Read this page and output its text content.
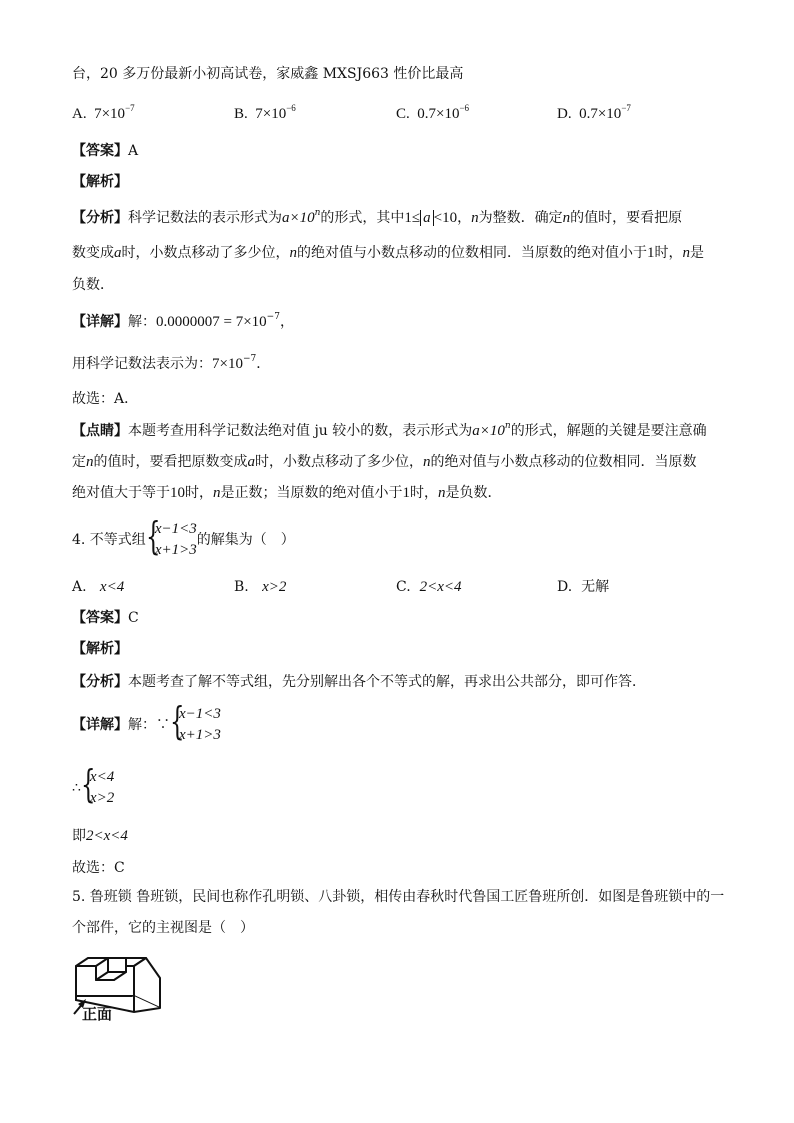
台，20 多万份最新小初高试卷，家威鑫 MXSJ663 性价比最高
A. $7\times 10^{-7}$	B. $7\times 10^{-6}$	C. $0.7\times 10^{-6}$	D. $0.7\times 10^{-7}$
【答案】A
【解析】
【分析】科学记数法的表示形式为$a\times 10^n$的形式，其中1≤ a <10，n为整数．确定n的值时，要看把原
数变成a时，小数点移动了多少位，n的绝对值与小数点移动的位数相同．当原数的绝对值小于1时，n是
负数．
【详解】解：$0.0000007 = 7\times 10^{-7}$，
用科学记数法表示为：$7\times 10^{-7}$．
故选：A．
【点睛】本题考查用科学记数法绝对值 ju 较小的数，表示形式为$a\times 10^n$的形式，解题的关键是要注意确
定n的值时，要看把原数变成a时，小数点移动了多少位，n的绝对值与小数点移动的位数相同．当原数
绝对值大于等于10时，n是正数；当原数的绝对值小于1时，n是负数．
4. 不等式组 {
x−1<3
x+1>3
的解集为（　）
A. x<4	B. x>2	C. 2<x<4	D. 无解
【答案】C
【解析】
【分析】本题考查了解不等式组，先分别解出各个不等式的解，再求出公共部分，即可作答．
【详解】解：∵ {
x−1<3
x+1>3
∴ {
x<4
x>2
即2<x<4
故选：C
5. 鲁班锁 鲁班锁，民间也称作孔明锁、八卦锁，相传由春秋时代鲁国工匠鲁班所创．如图是鲁班锁中的一
个部件，它的主视图是（　）
正面
